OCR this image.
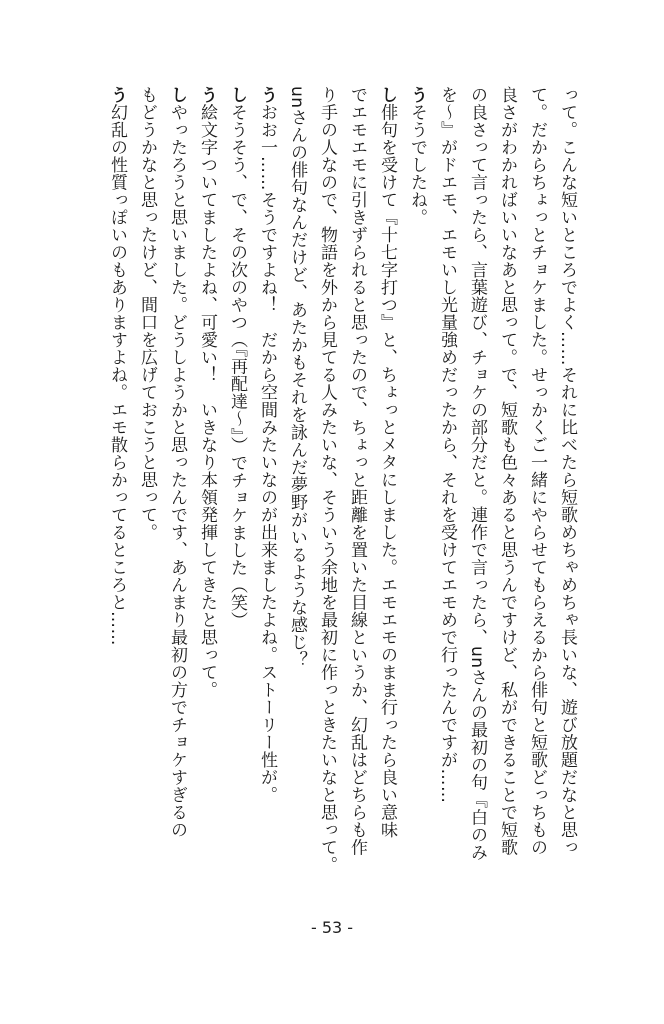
って。こんな短いところでよく……それに比べたら短歌めちゃめちゃ長いな、遊び放題だなと思っ

て。だからちょっとチョケました。せっかくご一緒にやらせてもらえるから俳句と短歌どっちもの

良さがわかればいいなあと思って。で、短歌も色々あると思うんですけど、私ができることで短歌

の良さって言ったら、言葉遊び、チョケの部分だと。連作で言ったら、unさんの最初の句『白のみ

を～』がドエモ、エモいし光量強めだったから、それを受けてエモめで行ったんですが……

うそうでしたね。

し俳句を受けて『十七字打つ』と、ちょっとメタにしました。エモエモのまま行ったら良い意味

でエモエモに引きずられると思ったので、ちょっと距離を置いた目線というか、幻乱はどちらも作

り手の人なので、物語を外から見てる人みたいな、そういう余地を最初に作っときたいなと思って。

unさんの俳句なんだけど、あたかもそれを詠んだ夢野がいるような感じ？

うおお一……そうですよね！　だから空間みたいなのが出来ましたよね。ストーリー性が。

しそうそう、で、その次のやつ（『再配達～』）でチョケました（笑）

う絵文字ついてましたよね、可愛い！　いきなり本領発揮してきたと思って。

しやったろうと思いました。どうしようかと思ったんです、あんまり最初の方でチョケすぎるの

もどうかなと思ったけど、間口を広げておこうと思って。

う幻乱の性質っぽいのもありますよね。エモ散らかってるところと……

- 53 -
